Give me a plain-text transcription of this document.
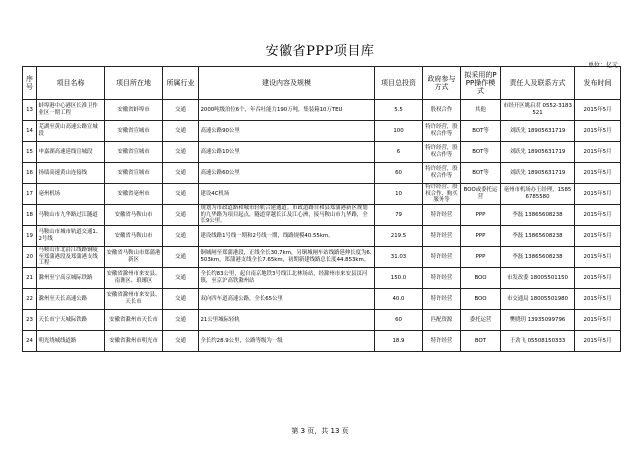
安徽省PPP项目库
单位：亿元
序号	项目名称	项目所在地	所属行业	建设内容及规模	项目总投资	政府参与方式	拟采用的PPP操作模式	责任人及联系方式	发布时间
13	蚌埠港中心港区长淮卫作业区一期工程	安徽省蚌埠市	交通	2000吨级泊位6个，年吞吐能力190万吨，集装箱10万TEU	5.5	股权合作	其他	市经开区姚启君 0552-3183521	2015年5月
14	芜湖至黄山高速公路宣城段	安徽省宣城市	交通	高速公路90公里	100	特许经营，股权合作等	BOT等	刘跃先 18905631719	2015年5月
15	申嘉湖高速延线宣城段	安徽省宣城市	交通	高速公路10公里	6	特许经营，股权合作等	BOT等	刘跃先 18905631719	2015年5月
16	扬绩高速黄山连接线	安徽省宣城市	交通	高速公路60公里	60	特许经营，股权合作等	BOT等	刘跃先 18905631719	2015年5月
17	亳州机场	安徽省亳州市	交通	建设4C机场	10	特许经营、股权合作、购买服务等	BOO或委托运营	亳州市机场办王经理，15856785580	2015年5月
18	马鞍山市九华路过江隧道	安徽省马鞍山市	交通	规划为市政道路和城市轻轨合建通道。市政道路自和县郑蒲港新区规划的九华路为项目起点，隧道穿越长江及江心洲，接马鞍山市九华路，全长9公里。	79	特许经营	PPP	李磊 13865608238	2015年5月
19	马鞍山市城市轨道交通1、2号线	安徽省马鞍山市	交通	建设线路1号线一期和2号线一期，线路规模40.55km。	219.5	特许经营	PPP	李磊 13865608238	2015年5月
20	马鞍山市北沿江线路铜陵至郑蒲港段及郑蒲港支线工程	安徽省马鞍山市郑蒲港新区	交通	铜城闸至郑蒲港段，正线全长30.7km，另铜城闸车站线路延伸长度为6.503km，郑蒲港支线全长7.65km，初期新建线路总长度44.853km。	31.03	特许经营	PPP	李磊 13865608238	2015年5月
21	滁州至宁高京城际铁路	安徽省滁州市来安县、南谯区、琅琊区	交通	全长约83公里，起自南京地铁3号线江北林场站，经滁州市来安县汊河镇，至京沪高铁滁州站	150.0	特许经营	BOO	市发改委 18005501150	2015年5月
22	滁州至天长高速公路	安徽省滁州市来安县、天长市	交通	双向四车道高速公路，全长65公里	40.0	特许经营	BOO	市交通局 18005501980	2015年5月
23	天长市宁天城际铁路	安徽省滁州市天长市	交通	21公里城际轻轨	60	匹配资源	委托运营	樊晓玥 13935099796	2015年5月
24	明光绕城线道路	安徽省滁州市明光市	交通	全长约28.9公里，公路等级为一级	18.9	特许经营	BOT	于劲飞 05508150333	2015年5月
第 3 页，共 13 页
